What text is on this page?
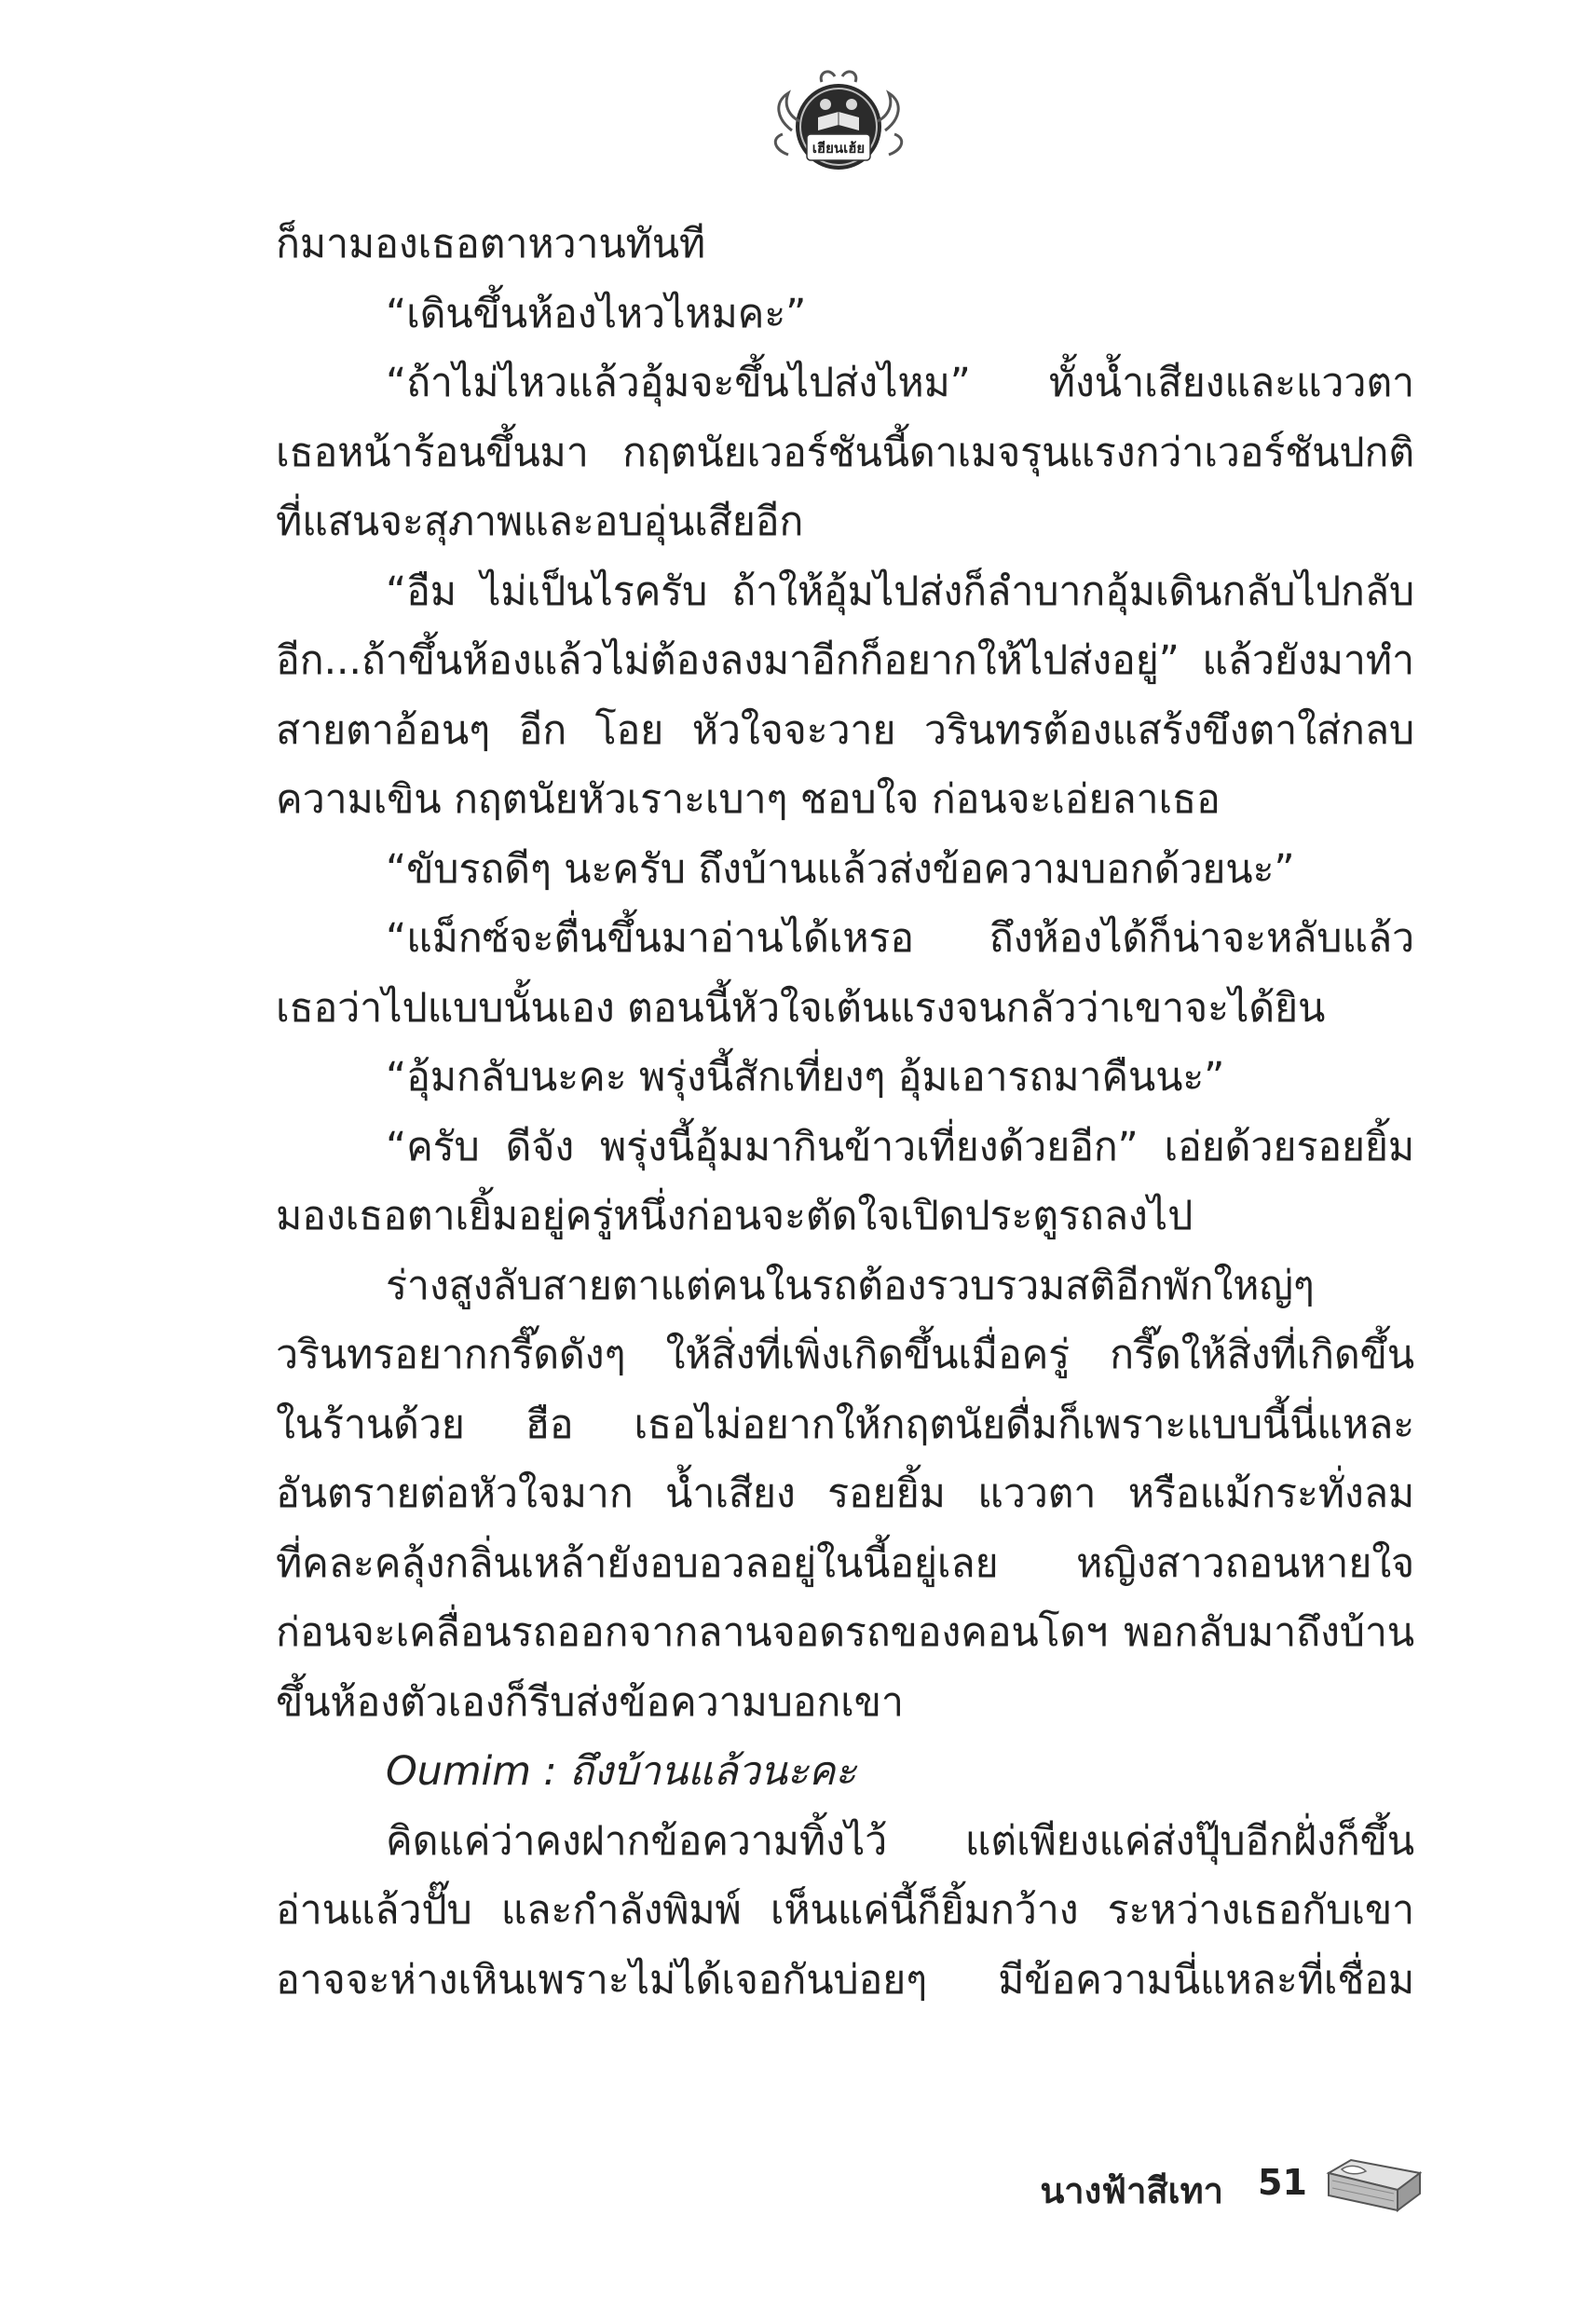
เฮียนเฮ้ย
ก็มามองเธอตาหวานทันที
“เดินขึ้นห้องไหวไหมคะ”
“ถ้าไม่ไหวแล้วอุ้มจะขึ้นไปส่งไหม” ทั้งน้ำเสียงและแววตา
เธอหน้าร้อนขึ้นมา กฤตนัยเวอร์ชันนี้ดาเมจรุนแรงกว่าเวอร์ชันปกติ
ที่แสนจะสุภาพและอบอุ่นเสียอีก
“อืม ไม่เป็นไรครับ ถ้าให้อุ้มไปส่งก็ลำบากอุ้มเดินกลับไปกลับ
อีก...ถ้าขึ้นห้องแล้วไม่ต้องลงมาอีกก็อยากให้ไปส่งอยู่” แล้วยังมาทำ
สายตาอ้อนๆ อีก โอย หัวใจจะวาย วรินทรต้องแสร้งขึงตาใส่กลบ
ความเขิน กฤตนัยหัวเราะเบาๆ ชอบใจ ก่อนจะเอ่ยลาเธอ
“ขับรถดีๆ นะครับ ถึงบ้านแล้วส่งข้อความบอกด้วยนะ”
“แม็กซ์จะตื่นขึ้นมาอ่านได้เหรอ ถึงห้องได้ก็น่าจะหลับแล้ว
เธอว่าไปแบบนั้นเอง ตอนนี้หัวใจเต้นแรงจนกลัวว่าเขาจะได้ยิน
“อุ้มกลับนะคะ พรุ่งนี้สักเที่ยงๆ อุ้มเอารถมาคืนนะ”
“ครับ ดีจัง พรุ่งนี้อุ้มมากินข้าวเที่ยงด้วยอีก” เอ่ยด้วยรอยยิ้ม
มองเธอตาเยิ้มอยู่ครู่หนึ่งก่อนจะตัดใจเปิดประตูรถลงไป
ร่างสูงลับสายตาแต่คนในรถต้องรวบรวมสติอีกพักใหญ่ๆ
วรินทรอยากกรี๊ดดังๆ ให้สิ่งที่เพิ่งเกิดขึ้นเมื่อครู่ กรี๊ดให้สิ่งที่เกิดขึ้น
ในร้านด้วย ฮือ เธอไม่อยากให้กฤตนัยดื่มก็เพราะแบบนี้นี่แหละ
อันตรายต่อหัวใจมาก น้ำเสียง รอยยิ้ม แววตา หรือแม้กระทั่งลม
ที่คละคลุ้งกลิ่นเหล้ายังอบอวลอยู่ในนี้อยู่เลย หญิงสาวถอนหายใจ
ก่อนจะเคลื่อนรถออกจากลานจอดรถของคอนโดฯ พอกลับมาถึงบ้าน
ขึ้นห้องตัวเองก็รีบส่งข้อความบอกเขา
Oumim : ถึงบ้านแล้วนะคะ
คิดแค่ว่าคงฝากข้อความทิ้งไว้ แต่เพียงแค่ส่งปุ๊บอีกฝั่งก็ขึ้น
อ่านแล้วปั๊บ และกำลังพิมพ์ เห็นแค่นี้ก็ยิ้มกว้าง ระหว่างเธอกับเขา
อาจจะห่างเหินเพราะไม่ได้เจอกันบ่อยๆ มีข้อความนี่แหละที่เชื่อม
นางฟ้าสีเทา 51
